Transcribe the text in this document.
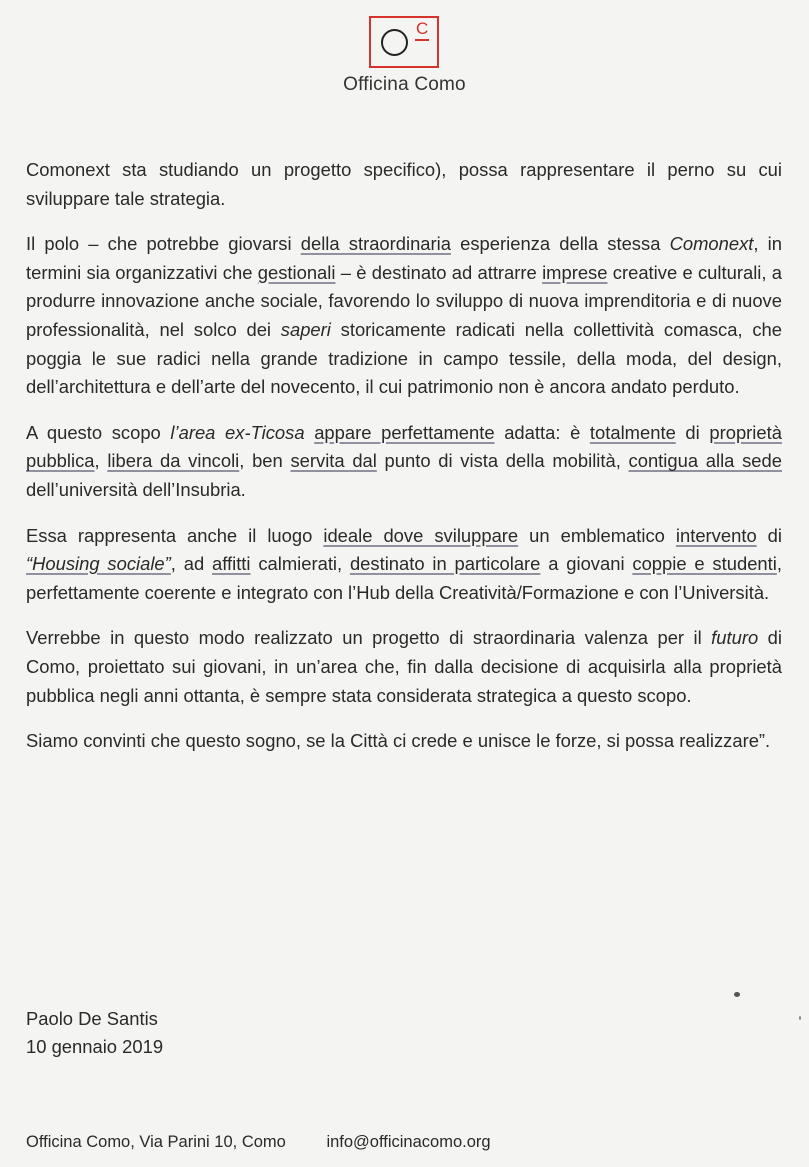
C
Officina Como

Comonext sta studiando un progetto specifico), possa rappresentare il perno su cui sviluppare tale strategia.

Il polo – che potrebbe giovarsi della straordinaria esperienza della stessa Comonext, in termini sia organizzativi che gestionali – è destinato ad attrarre imprese creative e culturali, a produrre innovazione anche sociale, favorendo lo sviluppo di nuova imprenditoria e di nuove professionalità, nel solco dei saperi storicamente radicati nella collettività comasca, che poggia le sue radici nella grande tradizione in campo tessile, della moda, del design, dell’architettura e dell’arte del novecento, il cui patrimonio non è ancora andato perduto.

A questo scopo l’area ex-Ticosa appare perfettamente adatta: è totalmente di proprietà pubblica, libera da vincoli, ben servita dal punto di vista della mobilità, contigua alla sede dell’università dell’Insubria.

Essa rappresenta anche il luogo ideale dove sviluppare un emblematico intervento di “Housing sociale”, ad affitti calmierati, destinato in particolare a giovani coppie e studenti, perfettamente coerente e integrato con l’Hub della Creatività/Formazione e con l’Università.

Verrebbe in questo modo realizzato un progetto di straordinaria valenza per il futuro di Como, proiettato sui giovani, in un’area che, fin dalla decisione di acquisirla alla proprietà pubblica negli anni ottanta, è sempre stata considerata strategica a questo scopo.

Siamo convinti che questo sogno, se la Città ci crede e unisce le forze, si possa realizzare”.

Paolo De Santis
10 gennaio 2019
Officina Como, Via Parini 10, Como info@officinacomo.org
